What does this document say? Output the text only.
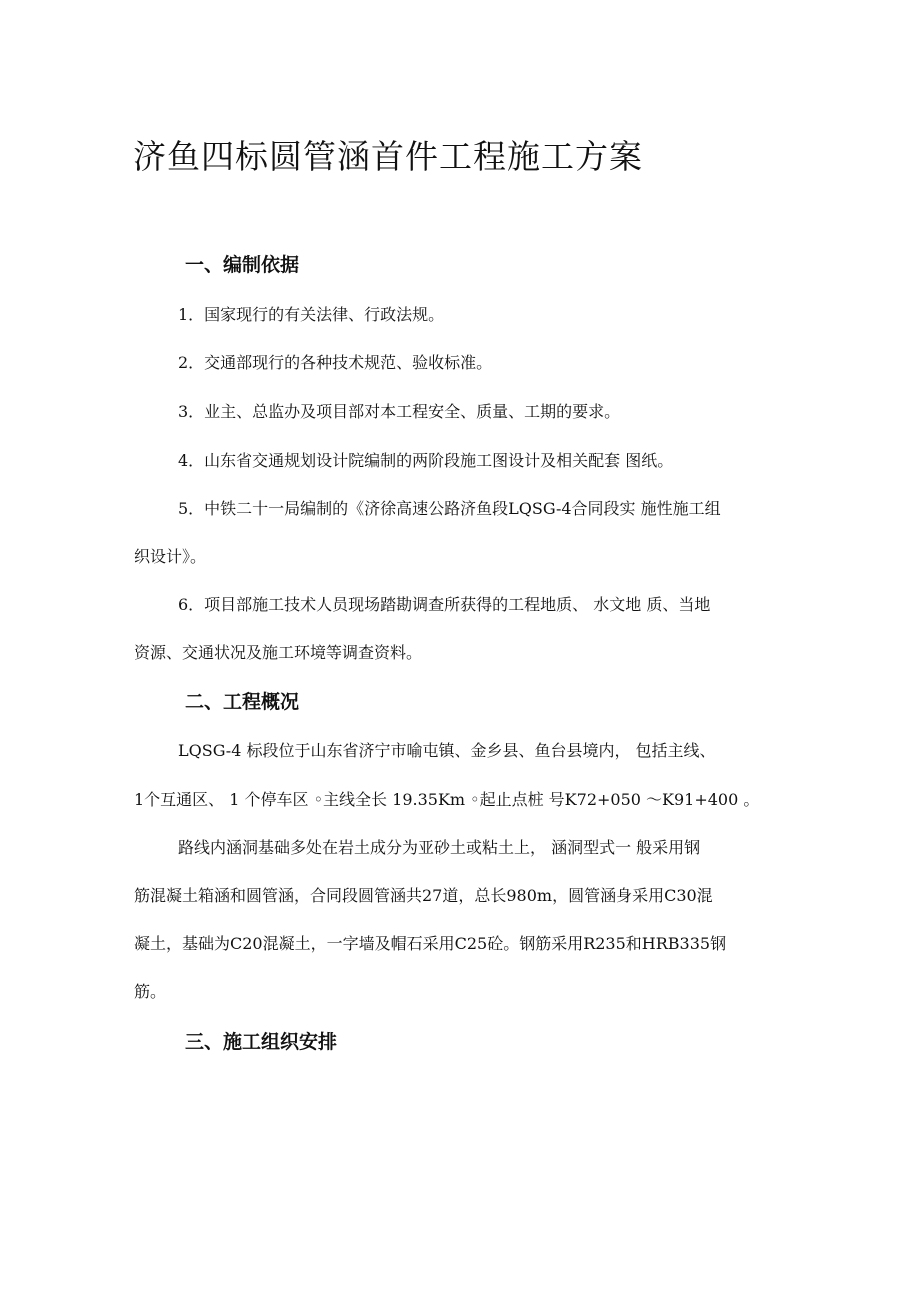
济鱼四标圆管涵首件工程施工方案
一、编制依据

1．国家现行的有关法律、行政法规。

2．交通部现行的各种技术规范、验收标准。

3．业主、总监办及项目部对本工程安全、质量、工期的要求。

4．山东省交通规划设计院编制的两阶段施工图设计及相关配套 图纸。

5．中铁二十一局编制的《济徐高速公路济鱼段LQSG-4合同段实 施性施工组

织设计》。

6．项目部施工技术人员现场踏勘调查所获得的工程地质、 水文地 质、当地

资源、交通状况及施工环境等调查资料。

二、工程概况

LQSG-4 标段位于山东省济宁市喻屯镇、金乡县、鱼台县境内， 包括主线、

1个互通区、 1 个停车区 ◦主线全长 19.35Km ◦起止点桩 号K72+050 ～K91+400 。

路线内涵洞基础多处在岩土成分为亚砂土或粘土上， 涵洞型式一 般采用钢

筋混凝土箱涵和圆管涵，合同段圆管涵共27道，总长980m，圆管涵身采用C30混

凝土，基础为C20混凝土，一字墙及帽石采用C25砼。钢筋采用R235和HRB335钢

筋。

三、施工组织安排
